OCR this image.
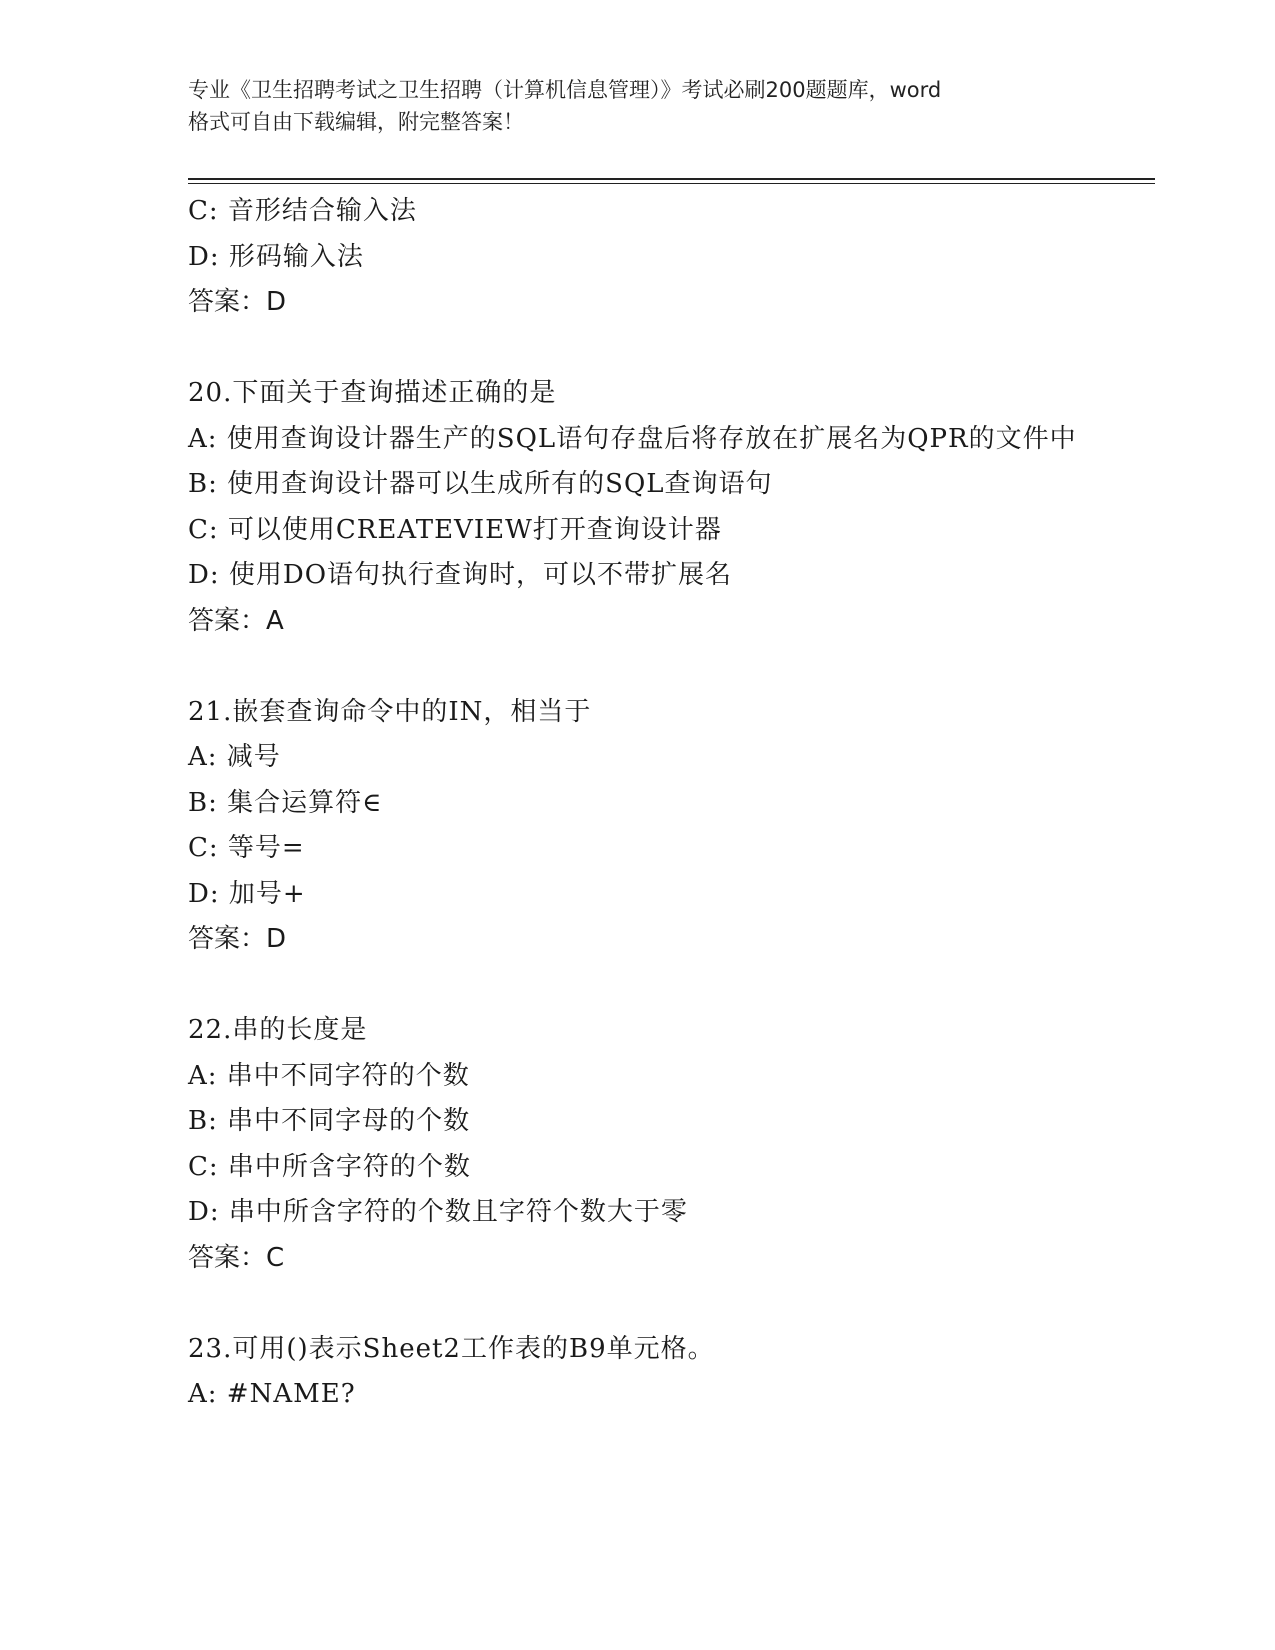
专业《卫生招聘考试之卫生招聘（计算机信息管理）》考试必刷200题题库，word
格式可自由下载编辑，附完整答案！
C: 音形结合输入法
D: 形码输入法
答案：D
20.下面关于查询描述正确的是
A: 使用查询设计器生产的SQL语句存盘后将存放在扩展名为QPR的文件中
B: 使用查询设计器可以生成所有的SQL查询语句
C: 可以使用CREATEVIEW打开查询设计器
D: 使用DO语句执行查询时，可以不带扩展名
答案：A
21.嵌套查询命令中的IN，相当于
A: 减号
B: 集合运算符∈
C: 等号=
D: 加号+
答案：D
22.串的长度是
A: 串中不同字符的个数
B: 串中不同字母的个数
C: 串中所含字符的个数
D: 串中所含字符的个数且字符个数大于零
答案：C
23.可用()表示Sheet2工作表的B9单元格。
A: #NAME?
